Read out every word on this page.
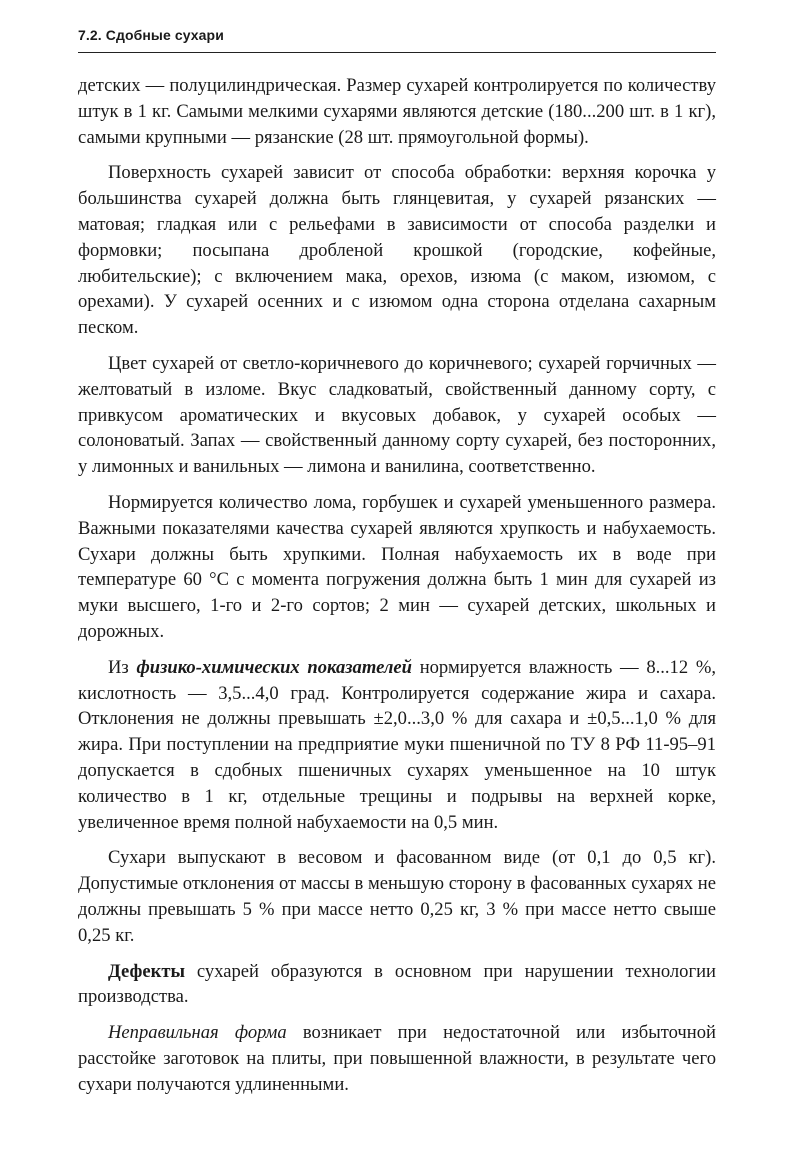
7.2. Сдобные сухари

детских — полуцилиндрическая. Размер сухарей контролируется по количеству штук в 1 кг. Самыми мелкими сухарями являются детские (180...200 шт. в 1 кг), самыми крупными — рязанские (28 шт. прямоугольной формы).

Поверхность сухарей зависит от способа обработки: верхняя корочка у большинства сухарей должна быть глянцевитая, у сухарей рязанских — матовая; гладкая или с рельефами в зависимости от способа разделки и формовки; посыпана дробленой крошкой (городские, кофейные, любительские); с включением мака, орехов, изюма (с маком, изюмом, с орехами). У сухарей осенних и с изюмом одна сторона отделана сахарным песком.

Цвет сухарей от светло-коричневого до коричневого; сухарей горчичных — желтоватый в изломе. Вкус сладковатый, свойственный данному сорту, с привкусом ароматических и вкусовых добавок, у сухарей особых — солоноватый. Запах — свойственный данному сорту сухарей, без посторонних, у лимонных и ванильных — лимона и ванилина, соответственно.

Нормируется количество лома, горбушек и сухарей уменьшенного размера. Важными показателями качества сухарей являются хрупкость и набухаемость. Сухари должны быть хрупкими. Полная набухаемость их в воде при температуре 60 °С с момента погружения должна быть 1 мин для сухарей из муки высшего, 1-го и 2-го сортов; 2 мин — сухарей детских, школьных и дорожных.

Из физико-химических показателей нормируется влажность — 8...12 %, кислотность — 3,5...4,0 град. Контролируется содержание жира и сахара. Отклонения не должны превышать ±2,0...3,0 % для сахара и ±0,5...1,0 % для жира. При поступлении на предприятие муки пшеничной по ТУ 8 РФ 11-95–91 допускается в сдобных пшеничных сухарях уменьшенное на 10 штук количество в 1 кг, отдельные трещины и подрывы на верхней корке, увеличенное время полной набухаемости на 0,5 мин.

Сухари выпускают в весовом и фасованном виде (от 0,1 до 0,5 кг). Допустимые отклонения от массы в меньшую сторону в фасованных сухарях не должны превышать 5 % при массе нетто 0,25 кг, 3 % при массе нетто свыше 0,25 кг.

Дефекты сухарей образуются в основном при нарушении технологии производства.

Неправильная форма возникает при недостаточной или избыточной расстойке заготовок на плиты, при повышенной влажности, в результате чего сухари получаются удлиненными.
